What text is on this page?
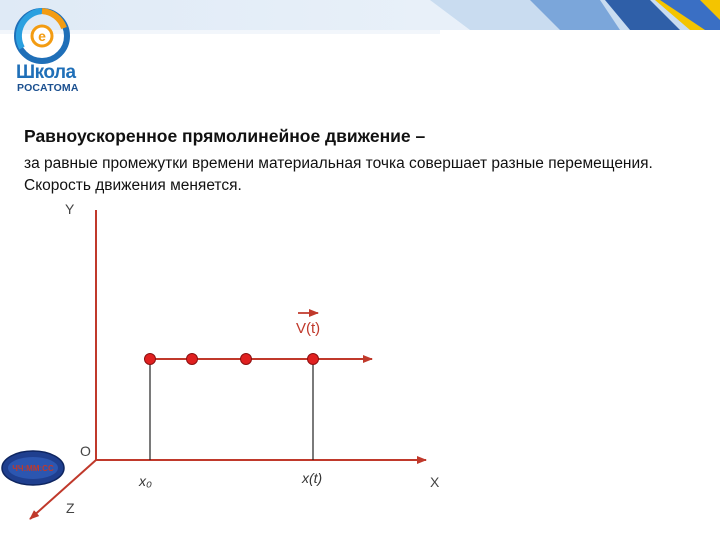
e
Школа
РОСАТОМА
Равноускоренное прямолинейное движение –
за равные промежутки времени материальная точка совершает разные перемещения. Скорость движения меняется.
V(t)
Y
X
Z
O
x₀	x(t)
ЧЧ:ММ:СС
